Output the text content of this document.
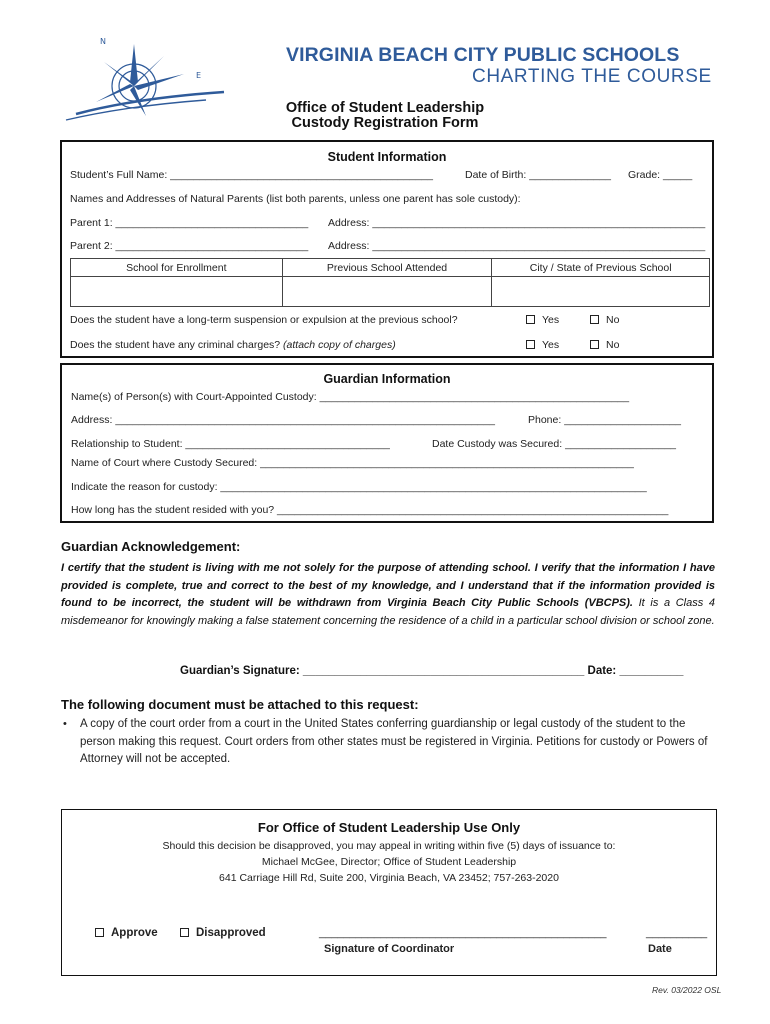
N
E
VIRGINIA BEACH CITY PUBLIC SCHOOLS
CHARTING THE COURSE
Office of Student Leadership
Custody Registration Form
Student Information
Student’s Full Name: _____________________________________________	Date of Birth: ______________ Grade: _____
Names and Addresses of Natural Parents (list both parents, unless one parent has sole custody):
Parent 1: _________________________________ Address: _________________________________________________________
Parent 2: _________________________________ Address: _________________________________________________________
Does the student have a long-term suspension or expulsion at the previous school?	Yes	No
Does the student have any criminal charges? (attach copy of charges)	Yes	No
School for Enrollment	Previous School Attended	City / State of Previous School

Guardian Information
Name(s) of Person(s) with Court-Appointed Custody: _____________________________________________________
Address: _________________________________________________________________	Phone: ____________________
Relationship to Student: ___________________________________	Date Custody was Secured: ___________________
Name of Court where Custody Secured: ________________________________________________________________
Indicate the reason for custody: _________________________________________________________________________
How long has the student resided with you? ___________________________________________________________________
Guardian Acknowledgement:
I certify that the student is living with me not solely for the purpose of attending school. I verify that the information I have provided is complete, true and correct to the best of my knowledge, and I understand that if the information provided is found to be incorrect, the student will be withdrawn from Virginia Beach City Public Schools (VBCPS). It is a Class 4 misdemeanor for knowingly making a false statement concerning the residence of a child in a particular school division or school zone.
Guardian’s Signature: ____________________________________________ Date: __________
The following document must be attached to this request:
• A copy of the court order from a court in the United States conferring guardianship or legal custody of the student to the person making this request. Court orders from other states must be registered in Virginia. Petitions for custody or Powers of Attorney will not be accepted.
For Office of Student Leadership Use Only
Should this decision be disapproved, you may appeal in writing within five (5) days of issuance to:
Michael McGee, Director; Office of Student Leadership
641 Carriage Hill Rd, Suite 200, Virginia Beach, VA 23452; 757-263-2020
Approve	Disapproved	_______________________________________________
Signature of Coordinator
__________
Date
Rev. 03/2022 OSL
